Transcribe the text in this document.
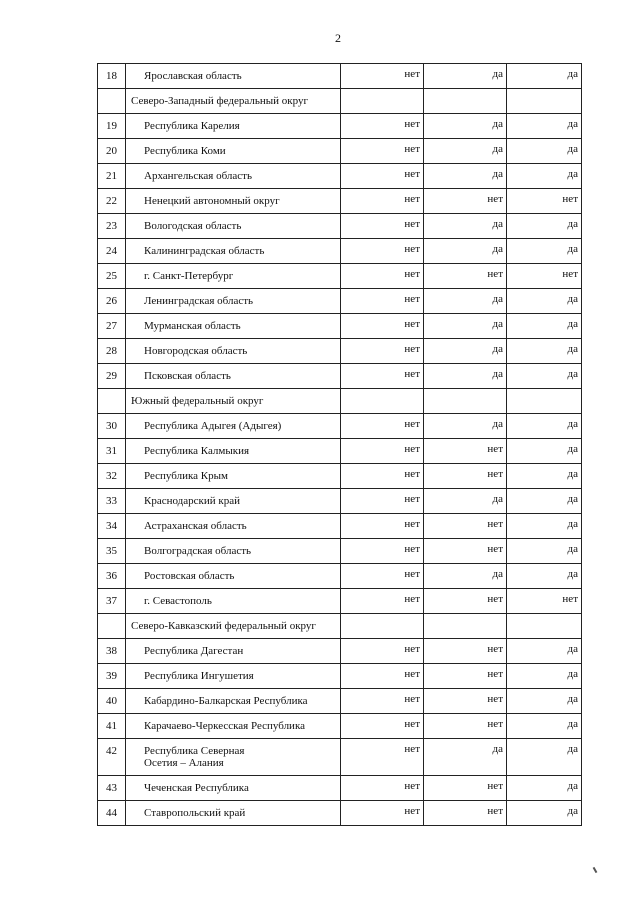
2
18	Ярославская область	нет	да	да
	Северо-Западный федеральный округ			
19	Республика Карелия	нет	да	да
20	Республика Коми	нет	да	да
21	Архангельская область	нет	да	да
22	Ненецкий автономный округ	нет	нет	нет
23	Вологодская область	нет	да	да
24	Калининградская область	нет	да	да
25	г. Санкт-Петербург	нет	нет	нет
26	Ленинградская область	нет	да	да
27	Мурманская область	нет	да	да
28	Новгородская область	нет	да	да
29	Псковская область	нет	да	да
	Южный федеральный округ			
30	Республика Адыгея (Адыгея)	нет	да	да
31	Республика Калмыкия	нет	нет	да
32	Республика Крым	нет	нет	да
33	Краснодарский край	нет	да	да
34	Астраханская область	нет	нет	да
35	Волгоградская область	нет	нет	да
36	Ростовская область	нет	да	да
37	г. Севастополь	нет	нет	нет
	Северо-Кавказский федеральный округ			
38	Республика Дагестан	нет	нет	да
39	Республика Ингушетия	нет	нет	да
40	Кабардино-Балкарская Республика	нет	нет	да
41	Карачаево-Черкесская Республика	нет	нет	да
42	Республика Северная
Осетия – Алания	нет	да	да
43	Чеченская Республика	нет	нет	да
44	Ставропольский край	нет	нет	да
